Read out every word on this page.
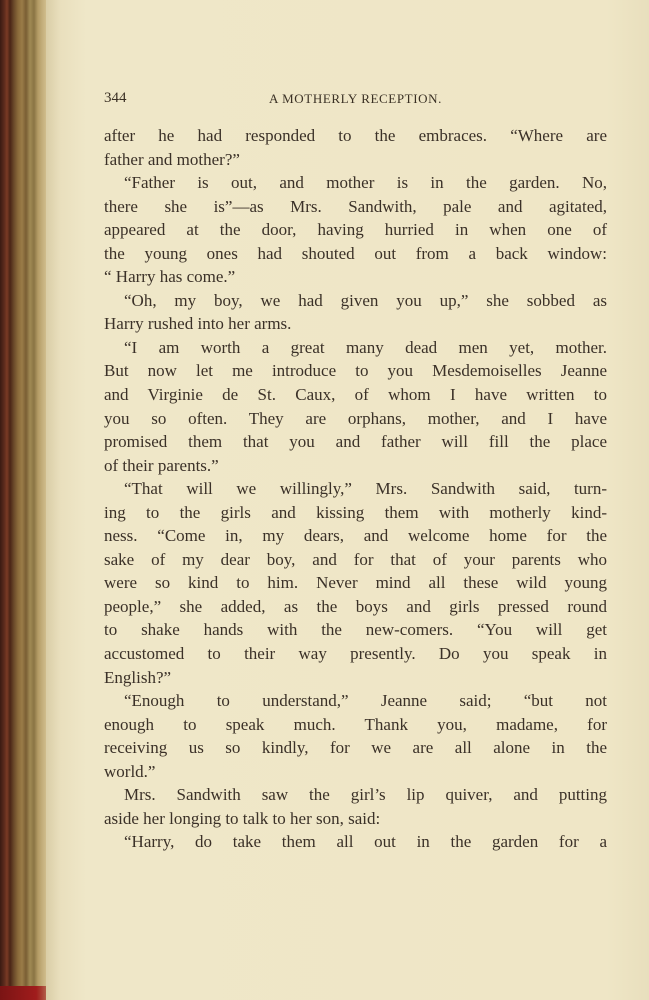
344	A MOTHERLY RECEPTION.

after he had responded to the embraces. “Where are

father and mother?”

“Father is out, and mother is in the garden. No,

there she is”—as Mrs. Sandwith, pale and agitated,

appeared at the door, having hurried in when one of

the young ones had shouted out from a back window:

“ Harry has come.”

“Oh, my boy, we had given you up,” she sobbed as

Harry rushed into her arms.

“I am worth a great many dead men yet, mother.

But now let me introduce to you Mesdemoiselles Jeanne

and Virginie de St. Caux, of whom I have written to

you so often. They are orphans, mother, and I have

promised them that you and father will fill the place

of their parents.”

“That will we willingly,” Mrs. Sandwith said, turn-

ing to the girls and kissing them with motherly kind-

ness. “Come in, my dears, and welcome home for the

sake of my dear boy, and for that of your parents who

were so kind to him. Never mind all these wild young

people,” she added, as the boys and girls pressed round

to shake hands with the new-comers. “You will get

accustomed to their way presently. Do you speak in

English?”

“Enough to understand,” Jeanne said; “but not

enough to speak much. Thank you, madame, for

receiving us so kindly, for we are all alone in the

world.”

Mrs. Sandwith saw the girl’s lip quiver, and putting

aside her longing to talk to her son, said:

“Harry, do take them all out in the garden for a
